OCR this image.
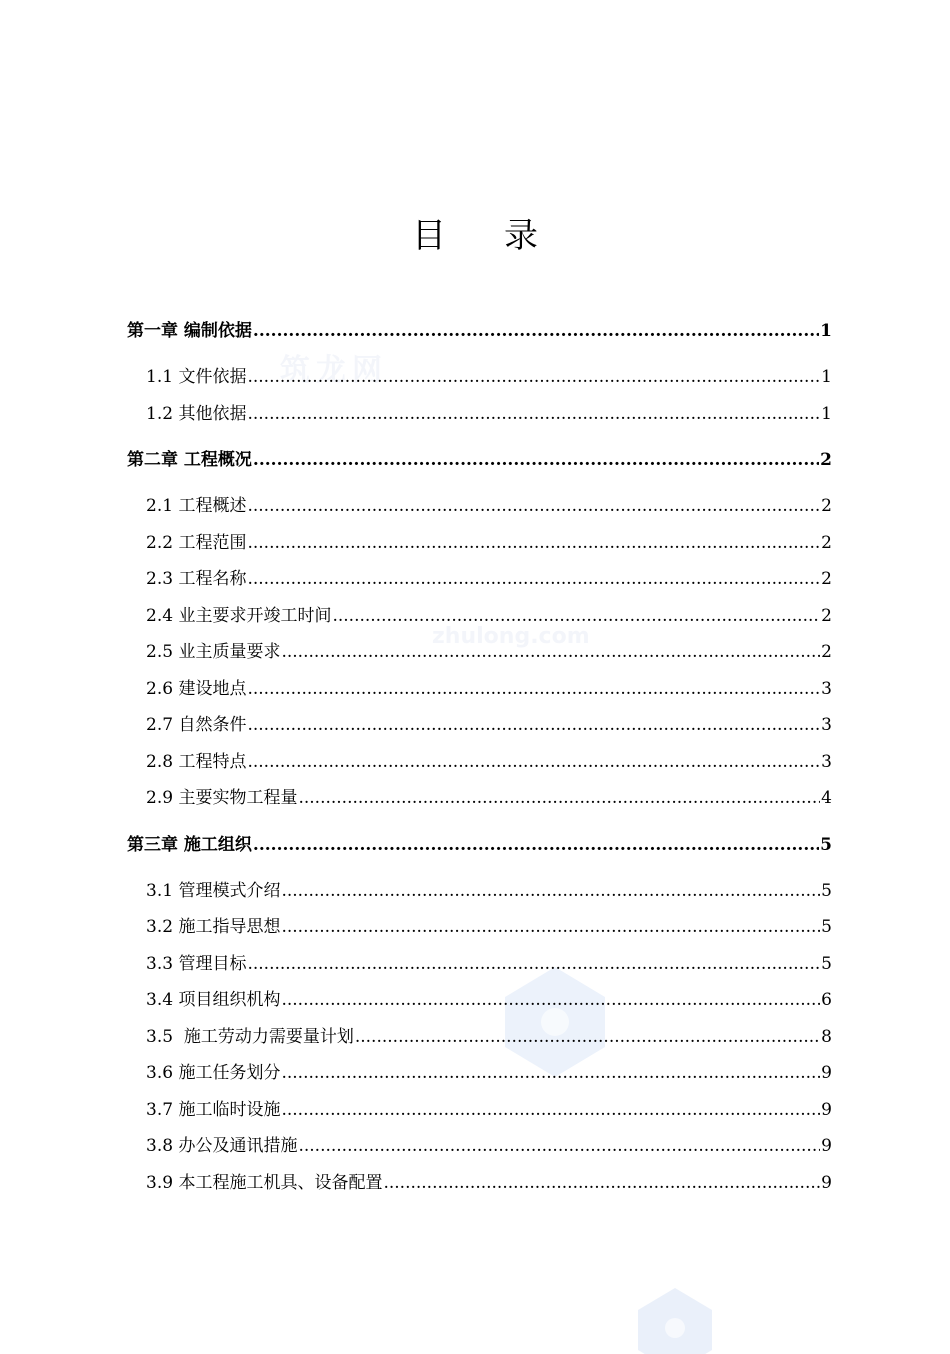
筑龙网
zhulong.com
目 录
第一章 编制依据 .....	1
1.1 文件依据 .....	1
1.2 其他依据 .....	1
第二章 工程概况 .....	2
2.1 工程概述 .....	2
2.2 工程范围 .....	2
2.3 工程名称 .....	2
2.4 业主要求开竣工时间 .....	2
2.5 业主质量要求 .....	2
2.6 建设地点 .....	3
2.7 自然条件 .....	3
2.8 工程特点 .....	3
2.9 主要实物工程量 .....	4
第三章 施工组织 .....	5
3.1 管理模式介绍 .....	5
3.2 施工指导思想 .....	5
3.3 管理目标 .....	5
3.4 项目组织机构 .....	6
3.5  施工劳动力需要量计划 .....	8
3.6 施工任务划分 .....	9
3.7 施工临时设施 .....	9
3.8 办公及通讯措施 .....	9
3.9 本工程施工机具、设备配置 .....	9
